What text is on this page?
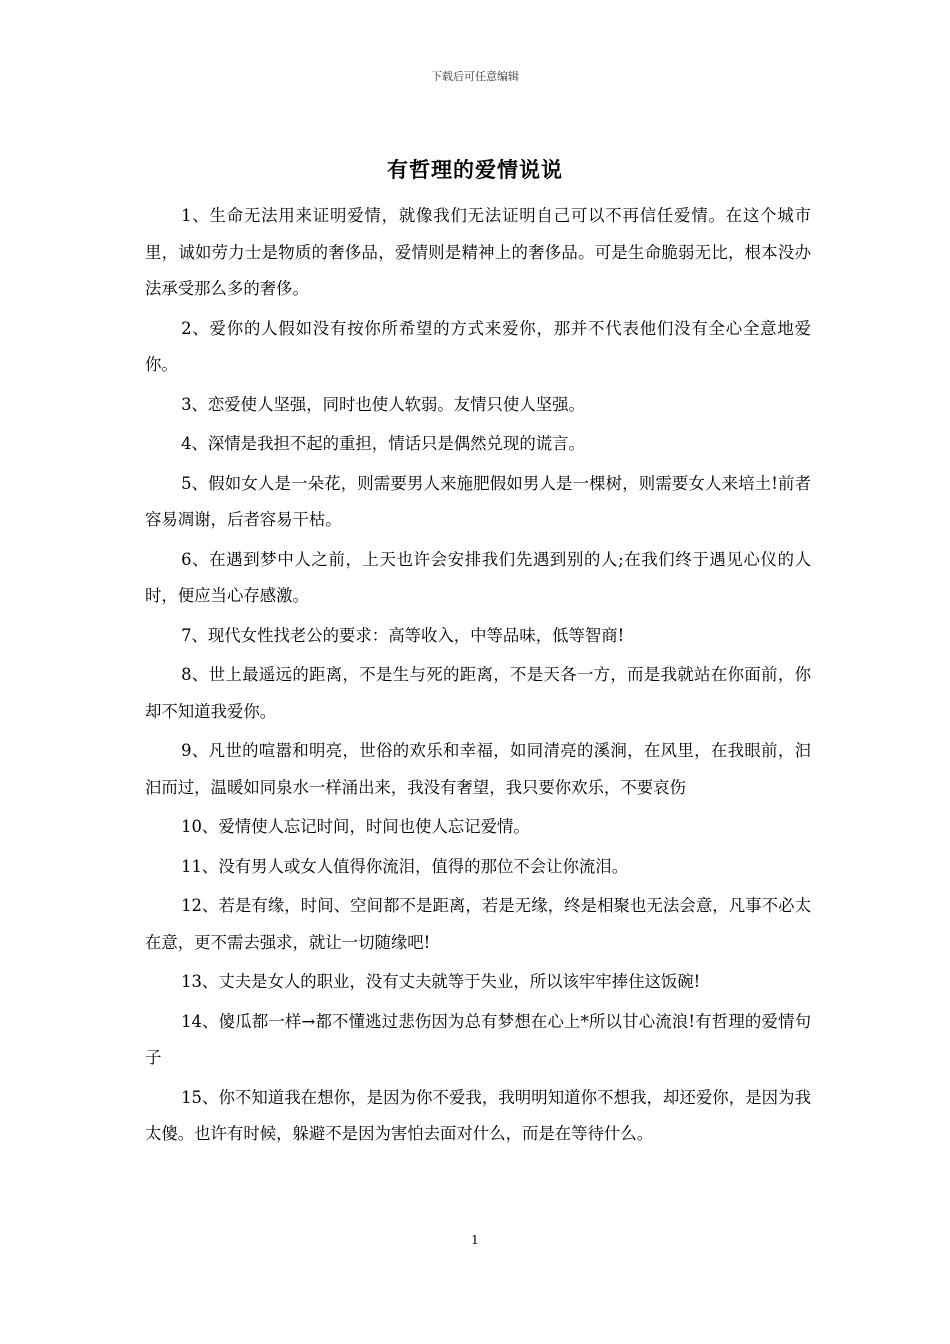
下载后可任意编辑
有哲理的爱情说说

1、生命无法用来证明爱情，就像我们无法证明自己可以不再信任爱情。在这个城市里，诚如劳力士是物质的奢侈品，爱情则是精神上的奢侈品。可是生命脆弱无比，根本没办法承受那么多的奢侈。

2、爱你的人假如没有按你所希望的方式来爱你，那并不代表他们没有全心全意地爱你。

3、恋爱使人坚强，同时也使人软弱。友情只使人坚强。

4、深情是我担不起的重担，情话只是偶然兑现的谎言。

5、假如女人是一朵花，则需要男人来施肥假如男人是一棵树，则需要女人来培土!前者容易凋谢，后者容易干枯。

6、在遇到梦中人之前，上天也许会安排我们先遇到别的人;在我们终于遇见心仪的人时，便应当心存感激。

7、现代女性找老公的要求：高等收入，中等品味，低等智商!

8、世上最遥远的距离，不是生与死的距离，不是天各一方，而是我就站在你面前，你却不知道我爱你。

9、凡世的喧嚣和明亮，世俗的欢乐和幸福，如同清亮的溪涧，在风里，在我眼前，汩汩而过，温暖如同泉水一样涌出来，我没有奢望，我只要你欢乐，不要哀伤

10、爱情使人忘记时间，时间也使人忘记爱情。

11、没有男人或女人值得你流泪，值得的那位不会让你流泪。

12、若是有缘，时间、空间都不是距离，若是无缘，终是相聚也无法会意，凡事不必太在意，更不需去强求，就让一切随缘吧!

13、丈夫是女人的职业，没有丈夫就等于失业，所以该牢牢捧住这饭碗!

14、傻瓜都一样→都不懂逃过悲伤因为总有梦想在心上*所以甘心流浪!有哲理的爱情句子

15、你不知道我在想你，是因为你不爱我，我明明知道你不想我，却还爱你，是因为我太傻。也许有时候，躲避不是因为害怕去面对什么，而是在等待什么。

1
